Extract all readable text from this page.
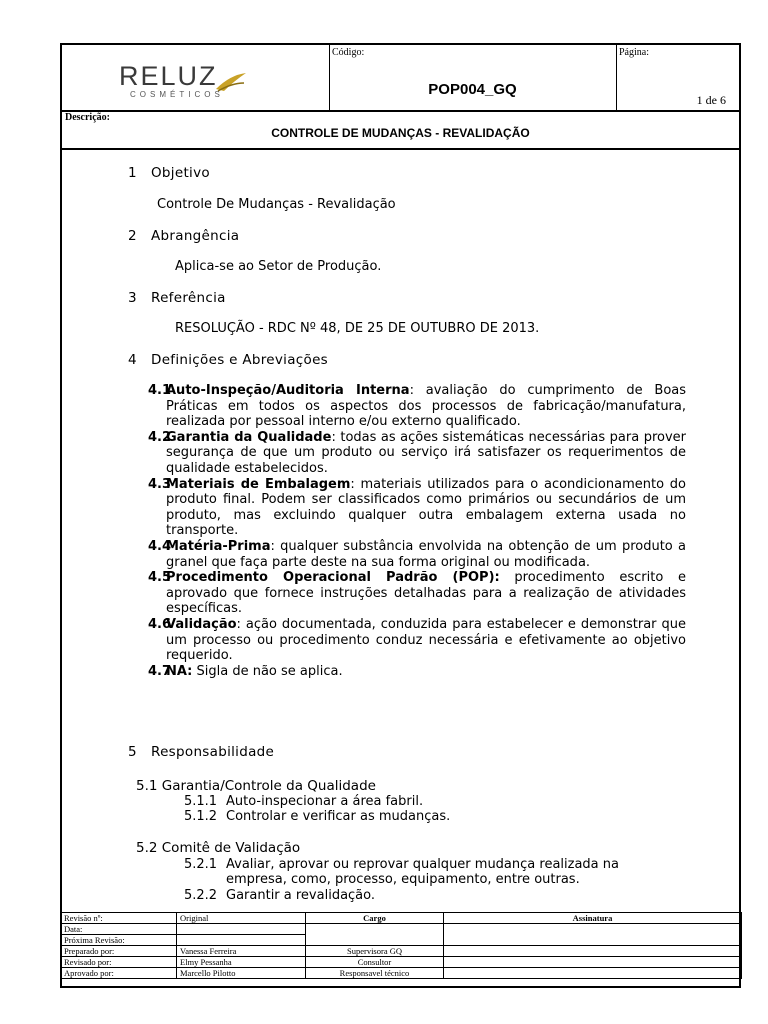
RELUZ
COSMÉTICOS
Código:
POP004_GQ
Página:
1 de 6
Descrição:
CONTROLE DE MUDANÇAS - REVALIDAÇÃO
1 Objetivo
Controle De Mudanças - Revalidação
2 Abrangência
Aplica-se ao Setor de Produção.
3 Referência
RESOLUÇÃO - RDC Nº 48, DE 25 DE OUTUBRO DE 2013.
4 Definições e Abreviações
4.1
Auto-Inspeção/Auditoria Interna: avaliação do cumprimento de Boas Práticas em todos os aspectos dos processos de fabricação/manufatura, realizada por pessoal interno e/ou externo qualificado.
4.2
Garantia da Qualidade: todas as ações sistemáticas necessárias para prover segurança de que um produto ou serviço irá satisfazer os requerimentos de qualidade estabelecidos.
4.3
Materiais de Embalagem: materiais utilizados para o acondicionamento do produto final. Podem ser classificados como primários ou secundários de um produto, mas excluindo qualquer outra embalagem externa usada no transporte.
4.4
Matéria-Prima: qualquer substância envolvida na obtenção de um produto a granel que faça parte deste na sua forma original ou modificada.
4.5
Procedimento Operacional Padrão (POP): procedimento escrito e aprovado que fornece instruções detalhadas para a realização de atividades específicas.
4.6
Validação: ação documentada, conduzida para estabelecer e demonstrar que um processo ou procedimento conduz necessária e efetivamente ao objetivo requerido.
4.7
NA: Sigla de não se aplica.
5 Responsabilidade
5.1 Garantia/Controle da Qualidade
5.1.1 Auto-inspecionar a área fabril.
5.1.2 Controlar e verificar as mudanças.
5.2 Comitê de Validação
5.2.1 Avaliar, aprovar ou reprovar qualquer mudança realizada na
empresa, como, processo, equipamento, entre outras.
5.2.2 Garantir a revalidação.
Revisão nº:	Original	Cargo	Assinatura
Data:			
Próxima Revisão:			
Preparado por:	Vanessa Ferreira	Supervisora GQ	
Revisado por:	Elmy Pessanha	Consultor	
Aprovado por:	Marcello Pilotto	Responsavel técnico	
